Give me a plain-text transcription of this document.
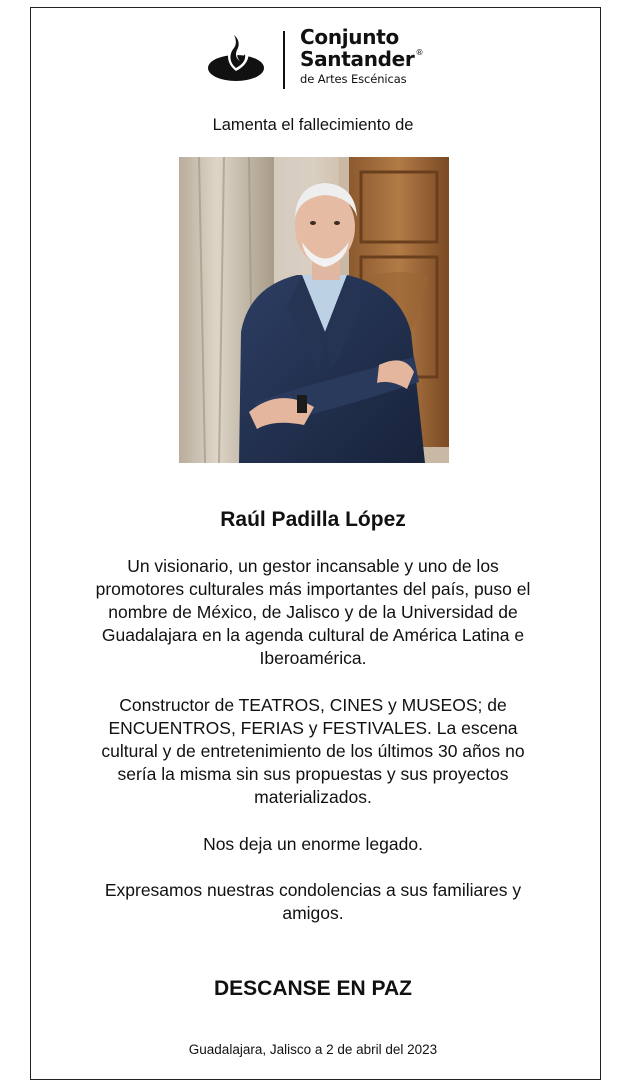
Conjunto
Santander®
de Artes Escénicas
Lamenta el fallecimiento de
Raúl Padilla López

Un visionario, un gestor incansable y uno de los promotores culturales más importantes del país, puso el nombre de México, de Jalisco y de la Universidad de Guadalajara en la agenda cultural de América Latina e Iberoamérica.

Constructor de TEATROS, CINES y MUSEOS; de ENCUENTROS, FERIAS y FESTIVALES. La escena cultural y de entretenimiento de los últimos 30 años no sería la misma sin sus propuestas y sus proyectos materializados.

Nos deja un enorme legado.

Expresamos nuestras condolencias a sus familiares y amigos.

DESCANSE EN PAZ
Guadalajara, Jalisco a 2 de abril del 2023
